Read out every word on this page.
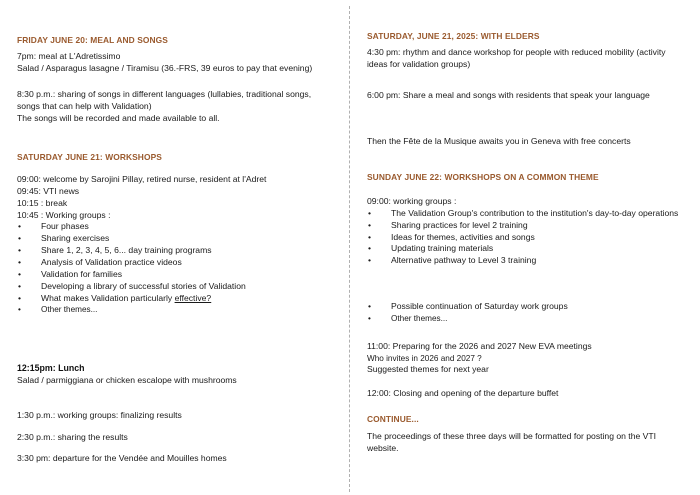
FRIDAY JUNE 20: MEAL AND SONGS

7pm: meal at L'Adretissimo

Salad / Asparagus lasagne / Tiramisu (36.-FRS, 39 euros to pay that evening)

8:30 p.m.: sharing of songs in different languages (lullabies, traditional songs, songs that can help with Validation)

The songs will be recorded and made available to all.

SATURDAY JUNE 21: WORKSHOPS

09:00: welcome by Sarojini Pillay, retired nurse, resident at l'Adret

09:45: VTI news

10:15 : break

10:45 : Working groups :

• Four phases
• Sharing exercises
• Share 1, 2, 3, 4, 5, 6... day training programs
• Analysis of Validation practice videos
• Validation for families
• Developing a library of successful stories of Validation
• What makes Validation particularly effective?
• Other themes...
12:15pm: Lunch
Salad / parmiggiana or chicken escalope with mushrooms
1:30 p.m.: working groups: finalizing results
2:30 p.m.: sharing the results
3:30 pm: departure for the Vendée and Mouilles homes
SATURDAY, JUNE 21, 2025: WITH ELDERS
4:30 pm: rhythm and dance workshop for people with reduced mobility (activity ideas for validation groups)
6:00 pm: Share a meal and songs with residents that speak your language
Then the Fête de la Musique awaits you in Geneva with free concerts
SUNDAY JUNE 22: WORKSHOPS ON A COMMON THEME

09:00: working groups :

• The Validation Group's contribution to the institution's day-to-day operations
• Sharing practices for level 2 training
• Ideas for themes, activities and songs
• Updating training materials
• Alternative pathway to Level 3 training
• Possible continuation of Saturday work groups
• Other themes...

11:00: Preparing for the 2026 and 2027 New EVA meetings

Who invites in 2026 and 2027 ?

Suggested themes for next year

12:00: Closing and opening of the departure buffet
CONTINUE...
The proceedings of these three days will be formatted for posting on the VTI website.
